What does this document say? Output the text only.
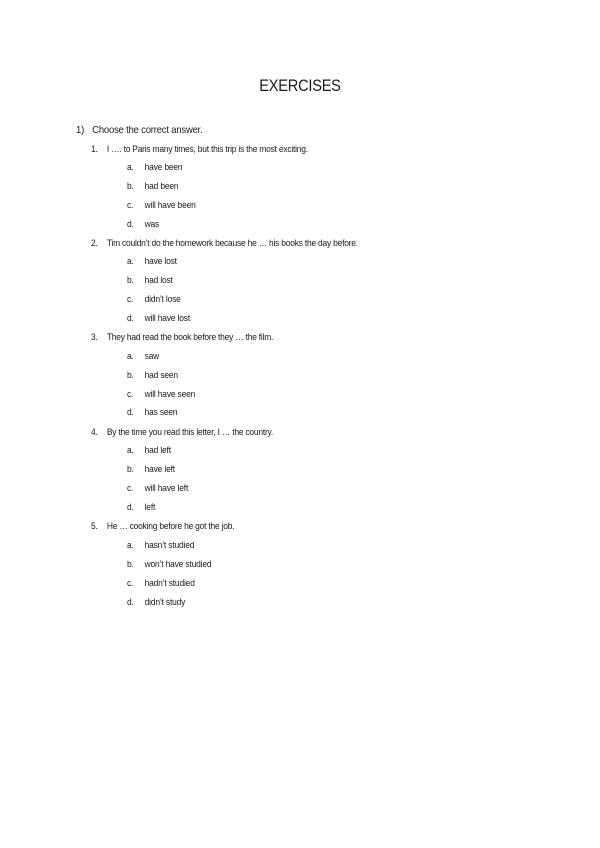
EXERCISES
1) Choose the correct answer.
1. I …. to Paris many times, but this trip is the most exciting.
a. have been
b. had been
c. will have been
d. was
2. Tim couldn’t do the homework because he … his books the day before.
a. have lost
b. had lost
c. didn’t lose
d. will have lost
3. They had read the book before they … the film.
a. saw
b. had seen
c. will have seen
d. has seen
4. By the time you read this letter, I … the country.
a. had left
b. have left
c. will have left
d. left
5. He … cooking before he got the job.
a. hasn’t studied
b. won’t have studied
c. hadn’t studied
d. didn’t study
